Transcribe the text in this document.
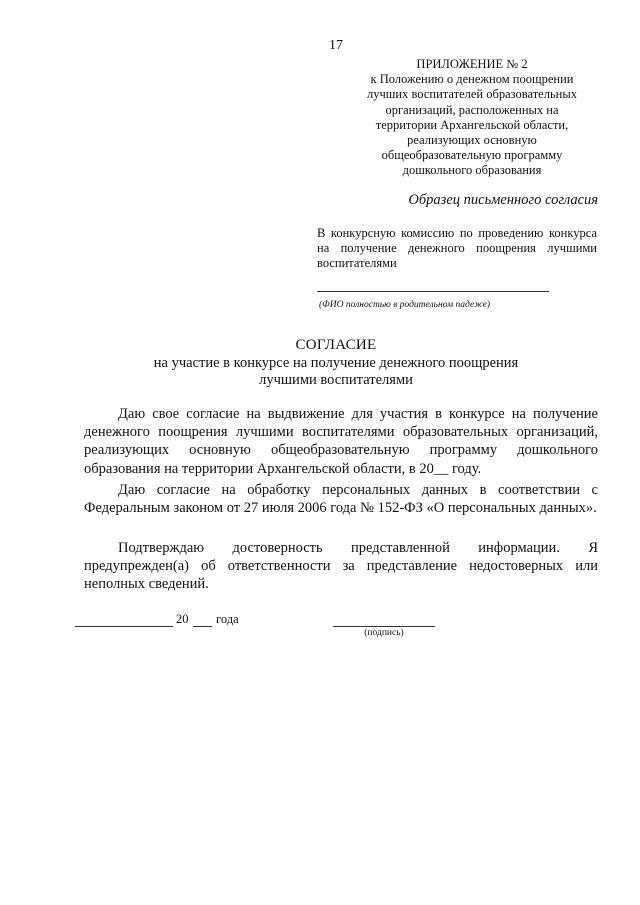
17
ПРИЛОЖЕНИЕ № 2
к Положению о денежном поощрении
лучших воспитателей образовательных
организаций, расположенных на
территории Архангельской области,
реализующих основную
общеобразовательную программу
дошкольного образования
Образец письменного согласия
В конкурсную комиссию по проведению конкурса на получение денежного поощрения лучшими воспитателями
(ФИО полностью в родительном падеже)
СОГЛАСИЕ
на участие в конкурсе на получение денежного поощрения
лучшими воспитателями
Даю свое согласие на выдвижение для участия в конкурсе на получение денежного поощрения лучшими воспитателями образовательных организаций, реализующих основную общеобразовательную программу дошкольного образования на территории Архангельской области, в 20__ году.
Даю согласие на обработку персональных данных в соответствии с Федеральным законом от 27 июля 2006 года № 152-ФЗ «О персональных данных».
Подтверждаю достоверность представленной информации. Я предупрежден(а) об ответственности за представление недостоверных или неполных сведений.
20 года
(подпись)
